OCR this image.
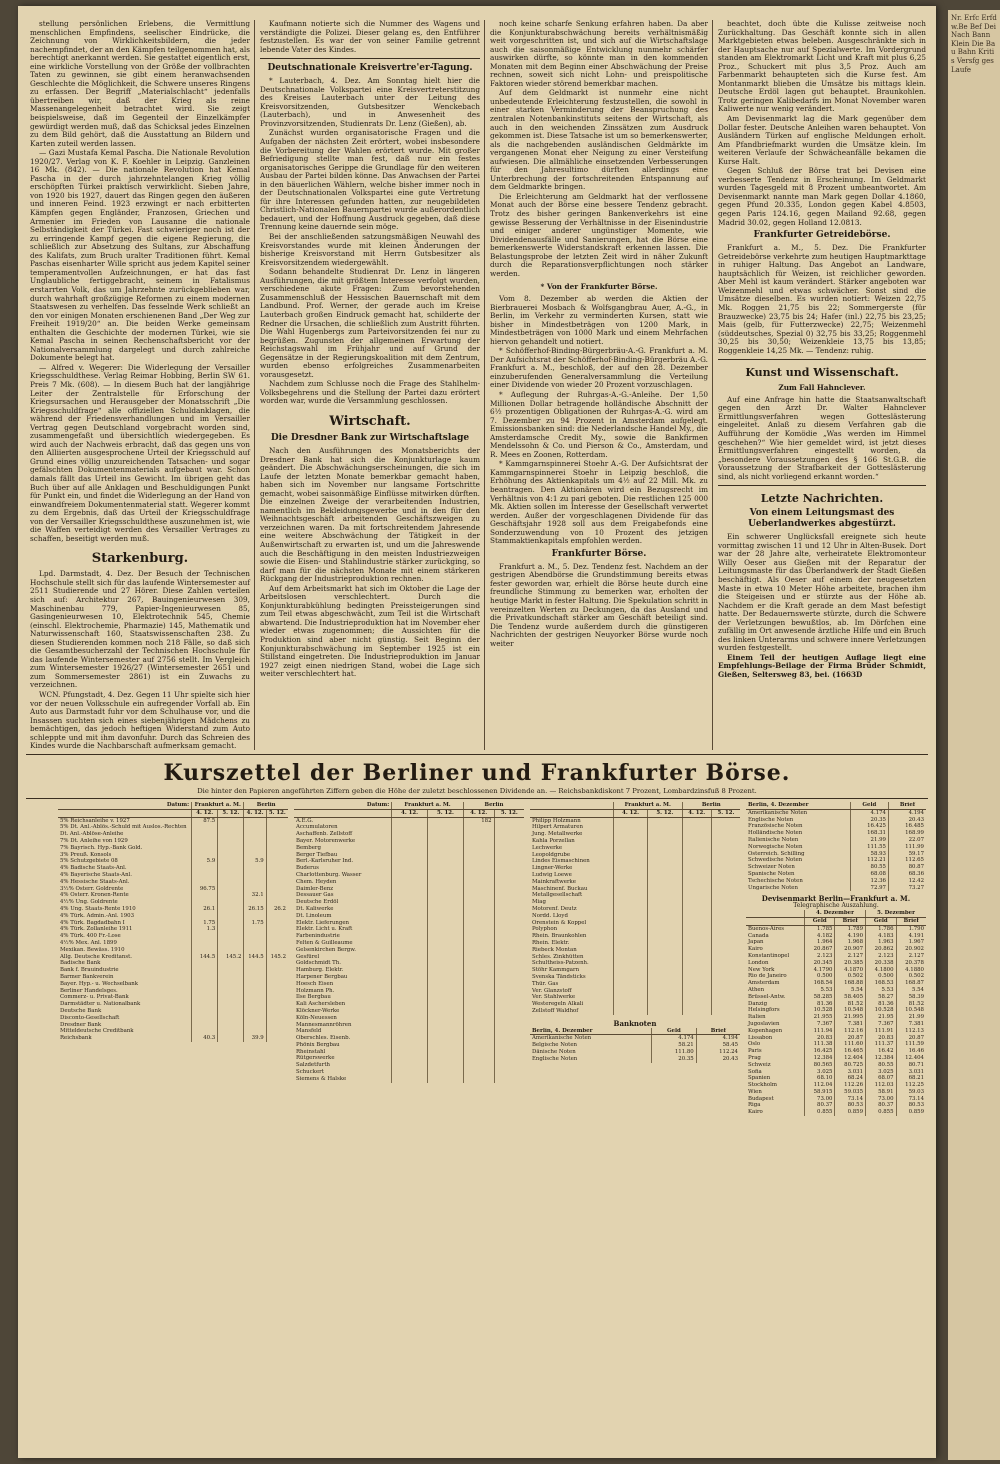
stellung persönlichen Erlebens, die Vermittlung menschlichen Empfindens, seelischer Eindrücke, die Zeichnung von Wirklichkeitsbildern, die jeder nachempfindet, der an den Kämpfen teilgenommen hat, als berechtigt anerkannt werden. Sie gestattet eigentlich erst, eine wirkliche Vorstellung von der Größe der vollbrachten Taten zu gewinnen, sie gibt einem heranwachsenden Geschlechte die Möglichkeit, die Schwere unseres Ringens zu erfassen. Der Begriff „Materialschlacht“ jedenfalls übertreiben wir, daß der Krieg als reine Massenangelegenheit betrachtet wird. Sie zeigt beispielsweise, daß im Gegenteil der Einzelkämpfer gewürdigt werden muß, daß das Schicksal jedes Einzelnen zu dem Bild gehört, daß die Ausstattung an Bildern und Karten zuteil werden lassen.

— Gazi Mustafa Kemal Pascha. Die Nationale Revolution 1920/27. Verlag von K. F. Koehler in Leipzig. Ganzleinen 16 Mk. (842). — Die nationale Revolution hat Kemal Pascha in der durch jahrzehntelangen Krieg völlig erschöpften Türkei praktisch verwirklicht. Sieben Jahre, von 1920 bis 1927, dauert das Ringen gegen den äußeren und inneren Feind. 1923 erzwingt er nach erbitterten Kämpfen gegen Engländer, Franzosen, Griechen und Armenier im Frieden von Lausanne die nationale Selbständigkeit der Türkei. Fast schwieriger noch ist der zu erringende Kampf gegen die eigene Regierung, die schließlich zur Absetzung des Sultans, zur Abschaffung des Kalifats, zum Bruch uralter Traditionen führt. Kemal Paschas eisenharter Wille spricht aus jedem Kapitel seiner temperamentvollen Aufzeichnungen, er hat das fast Unglaubliche fertiggebracht, seinem in Fatalismus erstarrten Volk, das um Jahrzehnte zurückgeblieben war, durch wahrhaft großzügige Reformen zu einem modernen Staatswesen zu verhelfen. Das fesselnde Werk schließt an den vor einigen Monaten erschienenen Band „Der Weg zur Freiheit 1919/20“ an. Die beiden Werke gemeinsam enthalten die Geschichte der modernen Türkei, wie sie Kemal Pascha in seinen Rechenschaftsbericht vor der Nationalversammlung dargelegt und durch zahlreiche Dokumente belegt hat.

— Alfred v. Wegerer: Die Widerlegung der Versailler Kriegsschuldthese. Verlag Reimar Hobbing, Berlin SW 61. Preis 7 Mk. (608). — In diesem Buch hat der langjährige Leiter der Zentralstelle für Erforschung der Kriegsursachen und Herausgeber der Monatsschrift „Die Kriegsschuldfrage“ alle offiziellen Schuldanklagen, die während der Friedensverhandlungen und im Versailler Vertrag gegen Deutschland vorgebracht worden sind, zusammengefaßt und übersichtlich wiedergegeben. Es wird auch der Nachweis erbracht, daß das gegen uns von den Alliierten ausgesprochene Urteil der Kriegsschuld auf Grund eines völlig unzureichenden Tatsachen- und sogar gefälschten Dokumentenmaterials aufgebaut war. Schon damals fällt das Urteil ins Gewicht. Im übrigen geht das Buch über auf alle Anklagen und Beschuldigungen Punkt für Punkt ein, und findet die Widerlegung an der Hand von einwandfreiem Dokumentenmaterial statt. Wegerer kommt zu dem Ergebnis, daß das Urteil der Kriegsschuldfrage von der Versailler Kriegsschuldthese auszunehmen ist, wie die Waffen verteidigt werden des Versailler Vertrages zu schaffen, beseitigt werden muß.

Starkenburg.

Lpd. Darmstadt, 4. Dez. Der Besuch der Technischen Hochschule stellt sich für das laufende Wintersemester auf 2511 Studierende und 27 Hörer. Diese Zahlen verteilen sich auf: Architektur 267, Bauingenieurwesen 309, Maschinenbau 779, Papier-Ingenieurwesen 85, Gasingenieurwesen 10, Elektrotechnik 545, Chemie (einschl. Elektrochemie, Pharmazie) 145, Mathematik und Naturwissenschaft 160, Staatswissenschaften 238. Zu diesen Studierenden kommen noch 218 Fälle, so daß sich die Gesamtbesucherzahl der Technischen Hochschule für das laufende Wintersemester auf 2756 stellt. Im Vergleich zum Wintersemester 1926/27 (Wintersemester 2651 und zum Sommersemester 2861) ist ein Zuwachs zu verzeichnen.

WCN. Pfungstadt, 4. Dez. Gegen 11 Uhr spielte sich hier vor der neuen Volksschule ein aufregender Vorfall ab. Ein Auto aus Darmstadt fuhr vor dem Schulhause vor, und die Insassen suchten sich eines siebenjährigen Mädchens zu bemächtigen, das jedoch heftigen Widerstand zum Auto schleppte und mit ihm davonfuhr. Durch das Schreien des Kindes wurde die Nachbarschaft aufmerksam gemacht.

Kaufmann notierte sich die Nummer des Wagens und verständigte die Polizei. Dieser gelang es, den Entführer festzustellen. Es war der von seiner Familie getrennt lebende Vater des Kindes.

Deutschnationale Kreisvertre'er-Tagung.

* Lauterbach, 4. Dez. Am Sonntag hielt hier die Deutschnationale Volkspartei eine Kreisvertreterstitzung des Kreises Lauterbach unter der Leitung des Kreisvorsitzenden, Gutsbesitzer Wenckebach (Lauterbach), und in Anwesenheit des Provinzvorsitzenden, Studienrats Dr. Lenz (Gießen), ab.

Zunächst wurden organisatorische Fragen und die Aufgaben der nächsten Zeit erörtert, wobei insbesondere die Vorbereitung der Wahlen erörtert wurde. Mit großer Befriedigung stellte man fest, daß nur ein festes organisatorisches Gerippe die Grundlage für den weiteren Ausbau der Partei bilden könne. Das Anwachsen der Partei in den bäuerlichen Wählern, welche bisher immer noch in der Deutschnationalen Volkspartei eine gute Vertretung für ihre Interessen gefunden hatten, zur neugebildeten Christlich-Nationalen Bauernpartei wurde außerordentlich bedauert, und der Hoffnung Ausdruck gegeben, daß diese Trennung keine dauernde sein möge.

Bei der anschließenden satzungsmäßigen Neuwahl des Kreisvorstandes wurde mit kleinen Änderungen der bisherige Kreisvorstand mit Herrn Gutsbesitzer als Kreisvorsitzendem wiedergewählt.

Sodann behandelte Studienrat Dr. Lenz in längeren Ausführungen, die mit größtem Interesse verfolgt wurden, verschiedene akute Fragen: Zum bevorstehenden Zusammenschluß der Hessischen Bauernschaft mit dem Landbund. Prof. Werner, der gerade auch im Kreise Lauterbach großen Eindruck gemacht hat, schilderte der Redner die Ursachen, die schließlich zum Austritt führten. Die Wahl Hugenbergs zum Parteivorsitzenden fei nur zu begrüßen. Zugunsten der allgemeinen Erwartung der Reichstagswahl im Frühjahr und auf Grund der Gegensätze in der Regierungskoalition mit dem Zentrum, wurden ebenso erfolgreiches Zusammenarbeiten vorausgesetzt.

Nachdem zum Schlusse noch die Frage des Stahlhelm-Volksbegehrens und die Stellung der Partei dazu erörtert worden war, wurde die Versammlung geschlossen.

Wirtschaft.
Die Dresdner Bank zur Wirtschaftslage

Nach den Ausführungen des Monatsberichts der Dresdner Bank hat sich die Konjunkturlage kaum geändert. Die Abschwächungserscheinungen, die sich im Laufe der letzten Monate bemerkbar gemacht haben, haben sich im November nur langsame Fortschritte gemacht, wobei saisonmäßige Einflüsse mitwirken dürften. Die einzelnen Zweige der verarbeitenden Industrien, namentlich im Bekleidungsgewerbe und in den für den Weihnachtsgeschäft arbeitenden Geschäftszweigen zu verzeichnen waren. Da mit fortschreitendem Jahresende eine weitere Abschwächung der Tätigkeit in der Außenwirtschaft zu erwarten ist, und um die Jahreswende auch die Beschäftigung in den meisten Industriezweigen sowie die Eisen- und Stahlindustrie stärker zurückging, so darf man für die nächsten Monate mit einem stärkeren Rückgang der Industrieproduktion rechnen.

Auf dem Arbeitsmarkt hat sich im Oktober die Lage der Arbeitslosen verschlechtert. Durch die Konjunkturabkühlung bedingten Preissteigerungen sind zum Teil etwas abgeschwächt, zum Teil ist die Wirtschaft abwartend. Die Industrieproduktion hat im November eher wieder etwas zugenommen; die Aussichten für die Produktion sind aber nicht günstig. Seit Beginn der Konjunkturabschwächung im September 1925 ist ein Stillstand eingetreten. Die Industrieproduktion im Januar 1927 zeigt einen niedrigen Stand, wobei die Lage sich weiter verschlechtert hat.

noch keine scharfe Senkung erfahren haben. Da aber die Konjunkturabschwächung bereits verhältnismäßig weit vorgeschritten ist, und sich auf die Wirtschaftslage auch die saisonmäßige Entwicklung nunmehr schärfer auswirken dürfte, so könnte man in den kommenden Monaten mit dem Beginn einer Abschwächung der Preise rechnen, soweit sich nicht Lohn- und preispolitische Faktoren wieder störend bemerkbar machen.

Auf dem Geldmarkt ist nunmehr eine nicht unbedeutende Erleichterung festzustellen, die sowohl in einer starken Verminderung der Beanspruchung des zentralen Notenbankinstituts seitens der Wirtschaft, als auch in den weichenden Zinssätzen zum Ausdruck gekommen ist. Diese Tatsache ist um so bemerkenswerter, als die nachgebenden ausländischen Geldmärkte im vergangenen Monat eher Neigung zu einer Versteifung aufwiesen. Die allmähliche einsetzenden Verbesserungen für den Jahresultimo dürften allerdings eine Unterbrechung der fortschreitenden Entspannung auf dem Geldmarkte bringen.

Die Erleichterung am Geldmarkt hat der verflossene Monat auch der Börse eine bessere Tendenz gebracht. Trotz des bisher geringen Bankenverkehrs ist eine gewisse Besserung der Verhältnisse in der Eisenindustrie und einiger anderer ungünstiger Momente, wie Dividendenausfälle und Sanierungen, hat die Börse eine bemerkenswerte Widerstandskraft erkennen lassen. Die Belastungsprobe der letzten Zeit wird in näher Zukunft durch die Reparationsverpflichtungen noch stärker werden.

* Von der Frankfurter Börse.

Vom 8. Dezember ab werden die Aktien der Bierbrauerei Mosbach & Wolfsgangbrau Auer, A.-G., in Berlin, im Verkehr zu verminderten Kursen, statt wie bisher in Mindestbeträgen von 1200 Mark, in Mindestbeträgen von 1000 Mark und einem Mehrfachen hiervon gehandelt und notiert.

* Schöfferhof-Binding-Bürgerbräu-A.-G. Frankfurt a. M. Der Aufsichtsrat der Schöfferhof-Binding-Bürgerbräu A.-G. Frankfurt a. M., beschloß, der auf den 28. Dezember einzuberufenden Generalversammlung die Verteilung einer Dividende von wieder 20 Prozent vorzuschlagen.

* Auflegung der Ruhrgas-A.-G.-Anleihe. Der 1,50 Millionen Dollar betragende holländische Abschnitt der 6½ prozentigen Obligationen der Ruhrgas-A.-G. wird am 7. Dezember zu 94 Prozent in Amsterdam aufgelegt. Emissionsbanken sind: die Nederlandsche Handel My., die Amsterdamsche Credit My., sowie die Bankfirmen Mendelssohn & Co. und Pierson & Co., Amsterdam, und R. Mees en Zoonen, Rotterdam.

* Kammgarnspinnerei Stoehr A.-G. Der Aufsichtsrat der Kammgarnspinnerei Stoehr in Leipzig beschloß, die Erhöhung des Aktienkapitals um 4½ auf 22 Mill. Mk. zu beantragen. Den Aktionären wird ein Bezugsrecht im Verhältnis von 4:1 zu pari geboten. Die restlichen 125 000 Mk. Aktien sollen im Interesse der Gesellschaft verwertet werden. Außer der vorgeschlagenen Dividende für das Geschäftsjahr 1928 soll aus dem Freigabefonds eine Sonderzuwendung von 10 Prozent des jetzigen Stammaktienkapitals empfohlen werden.

Frankfurter Börse.

Frankfurt a. M., 5. Dez. Tendenz fest. Nachdem an der gestrigen Abendbörse die Grundstimmung bereits etwas fester geworden war, erhielt die Börse heute durch eine freundliche Stimmung zu bemerken war, erholten der heutige Markt in fester Haltung. Die Spekulation schritt in vereinzelten Werten zu Deckungen, da das Ausland und die Privatkundschaft stärker am Geschäft beteiligt sind. Die Tendenz wurde außerdem durch die günstigeren Nachrichten der gestrigen Neuyorker Börse wurde noch weiter

beachtet, doch übte die Kulisse zeitweise noch Zurückhaltung. Das Geschäft konnte sich in allen Marktgebieten etwas beleben. Ausgeschränkte sich in der Hauptsache nur auf Spezialwerte. Im Vordergrund standen am Elektromarkt Licht und Kraft mit plus 6,25 Proz., Schuckert mit plus 3,5 Proz. Auch am Farbenmarkt behaupteten sich die Kurse fest. Am Montanmarkt blieben die Umsätze bis mittags klein. Deutsche Erdöl lagen gut behauptet. Braunkohlen. Trotz geringen Kalibedarfs im Monat November waren Kaliwerte nur wenig verändert.

Am Devisenmarkt lag die Mark gegenüber dem Dollar fester. Deutsche Anleihen waren behauptet. Von Ausländern Türken auf englische Meldungen erholt. Am Pfandbriefmarkt wurden die Umsätze klein. Im weiteren Verlaufe der Schwächeanfälle bekamen die Kurse Halt.

Gegen Schluß der Börse trat bei Devisen eine verbesserte Tendenz in Erscheinung. Im Geldmarkt wurden Tagesgeld mit 8 Prozent umbeantwortet. Am Devisenmarkt nannte man Mark gegen Dollar 4.1860, gegen Pfund 20.335, London gegen Kabel 4.8503, gegen Paris 124.16, gegen Mailand 92.68, gegen Madrid 30.02, gegen Holland 12.0813.

Frankfurter Getreidebörse.

Frankfurt a. M., 5. Dez. Die Frankfurter Getreidebörse verkehrte zum heutigen Hauptmarkttage in ruhiger Haltung. Das Angebot an Landware, hauptsächlich für Weizen, ist reichlicher geworden. Aber Mehl ist kaum verändert. Stärker angeboten war Weizenmehl und etwas schwächer. Sonst sind die Umsätze dieselben. Es wurden notiert: Weizen 22,75 Mk. Roggen 21,75 bis 22; Sommergerste (für Brauzwecke) 23,75 bis 24; Hafer (inl.) 22,75 bis 23,25; Mais (gelb, für Futterzwecke) 22,75; Weizenmehl (süddeutsches, Spezial 0) 32,75 bis 33,25; Roggenmehl 30,25 bis 30,50; Weizenkleie 13,75 bis 13,85; Roggenkleie 14,25 Mk. — Tendenz: ruhig.

Kunst und Wissenschaft.
Zum Fall Hahnclever.

Auf eine Anfrage hin hatte die Staatsanwaltschaft gegen den Arzt Dr. Walter Hahnclever Ermittlungsverfahren wegen Gotteslästerung eingeleitet. Anlaß zu diesem Verfahren gab die Aufführung der Komödie „Was werden im Himmel geschehen?“ Wie hier gemeldet wird, ist jetzt dieses Ermittlungsverfahren eingestellt worden, da „besondere Voraussetzungen des § 166 St.G.B. die Voraussetzung der Strafbarkeit der Gotteslästerung sind, als nicht vorliegend erkannt worden.“

Letzte Nachrichten.
Von einem Leitungsmast des Ueberlandwerkes abgestürzt.

Ein schwerer Unglücksfall ereignete sich heute vormittag zwischen 11 und 12 Uhr in Alten-Busek. Dort war der 28 Jahre alte, verheiratete Elektromonteur Willy Oeser aus Gießen mit der Reparatur der Leitungsmaste für das Überlandwerk der Stadt Gießen beschäftigt. Als Oeser auf einem der neugesetzten Maste in etwa 10 Meter Höhe arbeitete, brachen ihm die Steigeisen und er stürzte aus der Höhe ab. Nachdem er die Kraft gerade an dem Mast befestigt hatte. Der Bedauernswerte stürzte, durch die Schwere der Verletzungen bewußtlos, ab. Im Dörfchen eine zufällig im Ort anwesende ärztliche Hilfe und ein Bruch des linken Unterarms und schwere innere Verletzungen wurden festgestellt.

Einem Teil der heutigen Auflage liegt eine Empfehlungs-Beilage der Firma Brüder Schmidt, Gießen, Seltersweg 83, bei. (1663D

Kurszettel der Berliner und Frankfurter Börse.
Die hinter den Papieren angeführten Ziffern geben die Höhe der zuletzt beschlossenen Dividende an. — Reichsbankdiskont 7 Prozent, Lombardzinsfuß 8 Prozent.
Datum:	Frankfurt a. M.		Berlin	
	4. 12.	5. 12.	4. 12.	5. 12.
5% Reichsanleihe v. 1927	87.5			
5% Dt. Anl.-Ablös.-Schuld mit Auslos.-Rechten				
Dt. Anl.-Ablöse-Anleihe				
7% Dt. Anleihe von 1929				
7% Bayrisch. Hyp.-Bank Gold.				
3% Preuß. Konsols				
5% Schutzgebiete 08	5.9		5.9	
4% Badische Staats-Anl.				
4% Bayerische Staats-Anl.				
4% Hessische Staats-Anl.				
3½% Österr. Goldrente	96.75			
4% Österr. Kronen-Rente			32.1	
4½% Ung. Goldrente				
4% Ung. Staats-Rente 1910	26.1		26.15	26.2
4% Türk. Admin.-Anl. 1903				
4% Türk. Bagdadbahn I	1.75		1.75	
4% Türk. Zollanleihe 1911	1.3			
4% Türk. 400 Fr.-Lose				
4½% Mex. Anl. 1899				
Mexikan. Bewäss. 1910				
Allg. Deutsche Kreditanst.	144.5	145.2	144.5	145.2
Badische Bank				
Bank f. Brauindustrie				
Barmer Bankverein				
Bayer. Hyp.- u. Wechselbank				
Berliner Handelsges.				
Commerz- u. Privat-Bank				
Darmstädter u. Nationalbank				
Deutsche Bank				
Disconto-Gesellschaft				
Dresdner Bank				
Mitteldeutsche Creditbank				
Reichsbank	40.3		39.9	
Datum:	Frankfurt a. M.		Berlin	
	4. 12.	5. 12.	4. 12.	5. 12.
A.E.G.			182	
Accumulatoren				
Aschaffenb. Zellstoff				
Bayer. Motorenwerke				
Bemberg				
Berger Tiefbau				
Berl.-Karlsruher Ind.				
Buderus				
Charlottenburg. Wasser				
Chem. Heyden				
Daimler-Benz				
Dessauer Gas				
Deutsche Erdöl				
Dt. Kaliwerke				
Dt. Linoleum				
Elektr. Lieferungen				
Elektr. Licht u. Kraft				
Farbenindustrie				
Felten & Guilleaume				
Gelsenkirchen Bergw.				
Gesfürel				
Goldschmidt Th.				
Hamburg. Elektr.				
Harpener Bergbau				
Hoesch Eisen				
Holzmann Ph.				
Ilse Bergbau				
Kali Aschersleben				
Klöckner-Werke				
Köln-Neuessen				
Mannesmannröhren				
Mansfeld				
Oberschles. Eisenb.				
Phönix Bergbau				
Rheinstahl				
Rütgerswerke				
Salzdetfurth				
Schuckert				
Siemens & Halske				
	Frankfurt a. M.		Berlin	
	4. 12.	5. 12.	4. 12.	5. 12.
Philipp Holzmann				
Hilpert Armaturen				
Jung. Metallwerke				
Kahla Porzellan				
Lechwerke				
Leopoldgrube				
Lindes Eismaschinen				
Lingner-Werke				
Ludwig Loewe				
Mainkraftwerke				
Maschinenf. Buckau				
Metallgesellschaft				
Miag				
Motorenf. Deutz				
Nordd. Lloyd				
Orenstein & Koppel				
Polyphon				
Rhein. Braunkohlen				
Rhein. Elektr.				
Riebeck Montan				
Schles. Zinkhütten				
Schultheiss-Patzenh.				
Stöhr Kammgarn				
Svenska Tändsticks				
Thür. Gas				
Ver. Glanzstoff				
Ver. Stahlwerke				
Westeregeln Alkali				
Zellstoff Waldhof				
Banknoten
Berlin, 4. Dezember	Geld	Brief
Amerikanische Noten	4.174	4.194
Belgische Noten	58.21	58.45
Dänische Noten	111.80	112.24
Englische Noten	20.35	20.43
Berlin, 4. Dezember	Geld	Brief
Amerikanische Noten	4.174	4.194
Englische Noten	20.35	20.43
Französische Noten	16.425	16.485
Holländische Noten	168.31	168.99
Italienische Noten	21.99	22.07
Norwegische Noten	111.55	111.99
Österreich. Schilling	58.93	59.17
Schwedische Noten	112.21	112.65
Schweizer Noten	80.55	80.87
Spanische Noten	68.08	68.36
Tschechische Noten	12.36	12.42
Ungarische Noten	72.97	73.27
Devisenmarkt Berlin—Frankfurt a. M.
Telegraphische Auszahlung.
	4. Dezember		5. Dezember	
	Geld	Brief	Geld	Brief
Buenos-Aires	1.785	1.789	1.786	1.790
Canada	4.182	4.190	4.183	4.191
Japan	1.964	1.968	1.963	1.967
Kairo	20.867	20.907	20.862	20.902
Konstantinopel	2.123	2.127	2.123	2.127
London	20.345	20.385	20.338	20.378
New York	4.1790	4.1870	4.1800	4.1880
Rio de Janeiro	0.500	0.502	0.500	0.502
Amsterdam	168.54	168.88	168.53	168.87
Athen	5.53	5.54	5.53	5.54
Brüssel-Antw.	58.285	58.405	58.27	58.39
Danzig	81.36	81.52	81.36	81.52
Helsingfors	10.528	10.548	10.528	10.548
Italien	21.955	21.995	21.95	21.99
Jugoslavien	7.367	7.381	7.367	7.381
Kopenhagen	111.94	112.16	111.91	112.13
Lissabon	20.83	20.87	20.83	20.87
Oslo	111.38	111.60	111.37	111.59
Paris	16.425	16.465	16.42	16.46
Prag	12.384	12.404	12.384	12.404
Schweiz	80.565	80.725	80.55	80.71
Sofia	3.025	3.031	3.025	3.031
Spanien	68.10	68.24	68.07	68.21
Stockholm	112.04	112.26	112.03	112.25
Wien	58.915	59.035	58.91	59.03
Budapest	73.00	73.14	73.00	73.14
Riga	80.37	80.53	80.37	80.53
Kairo	0.855	0.859	0.855	0.859
Nr. Erfc Erfd w.Be Bef Dei Nach Bann Klein Die Bau Bahn Kritis Versfg ges Laufe
